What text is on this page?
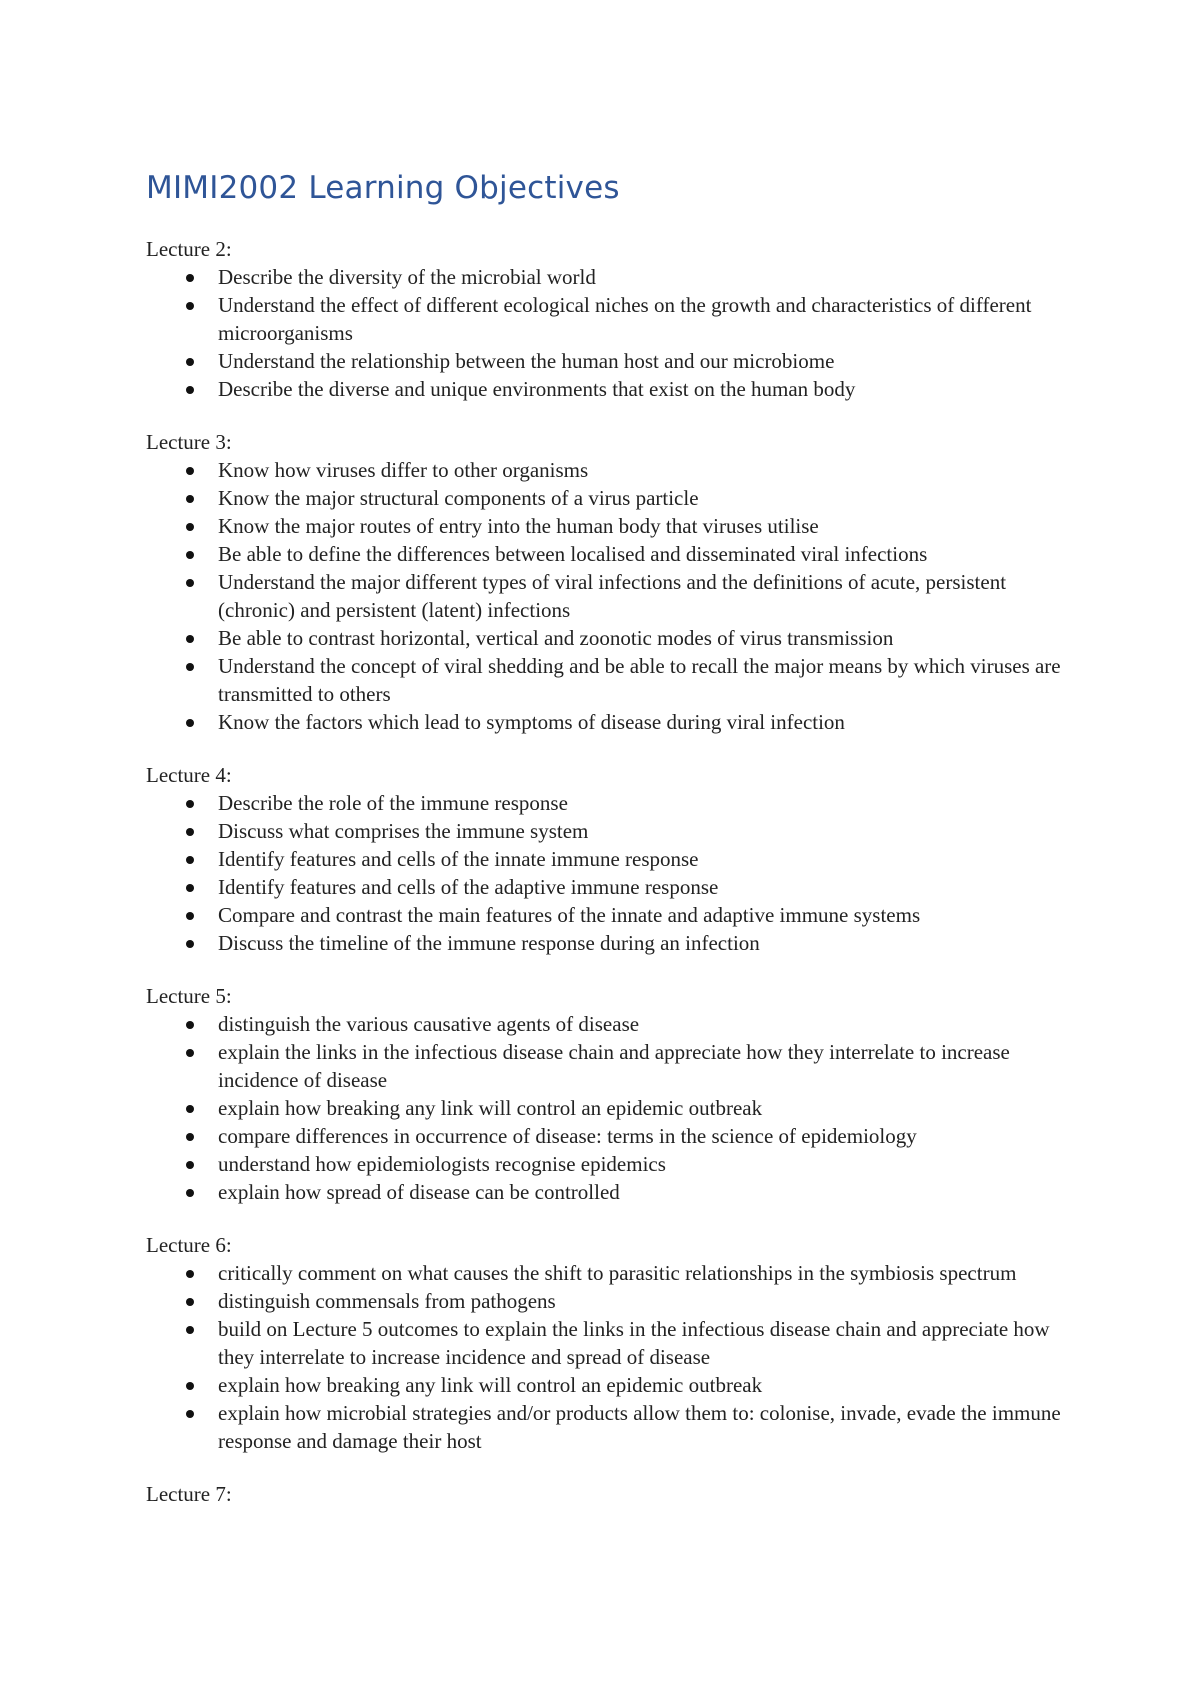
MIMI2002 Learning Objectives

Lecture 2:

Describe the diversity of the microbial world
Understand the effect of different ecological niches on the growth and characteristics of different microorganisms
Understand the relationship between the human host and our microbiome
Describe the diverse and unique environments that exist on the human body

Lecture 3:

Know how viruses differ to other organisms
Know the major structural components of a virus particle
Know the major routes of entry into the human body that viruses utilise
Be able to define the differences between localised and disseminated viral infections
Understand the major different types of viral infections and the definitions of acute, persistent (chronic) and persistent (latent) infections
Be able to contrast horizontal, vertical and zoonotic modes of virus transmission
Understand the concept of viral shedding and be able to recall the major means by which viruses are transmitted to others
Know the factors which lead to symptoms of disease during viral infection

Lecture 4:

Describe the role of the immune response
Discuss what comprises the immune system
Identify features and cells of the innate immune response
Identify features and cells of the adaptive immune response
Compare and contrast the main features of the innate and adaptive immune systems
Discuss the timeline of the immune response during an infection

Lecture 5:

distinguish the various causative agents of disease
explain the links in the infectious disease chain and appreciate how they interrelate to increase incidence of disease
explain how breaking any link will control an epidemic outbreak
compare differences in occurrence of disease: terms in the science of epidemiology
understand how epidemiologists recognise epidemics
explain how spread of disease can be controlled

Lecture 6:

critically comment on what causes the shift to parasitic relationships in the symbiosis spectrum
distinguish commensals from pathogens
build on Lecture 5 outcomes to explain the links in the infectious disease chain and appreciate how they interrelate to increase incidence and spread of disease
explain how breaking any link will control an epidemic outbreak
explain how microbial strategies and/or products allow them to: colonise, invade, evade the immune response and damage their host

Lecture 7:
